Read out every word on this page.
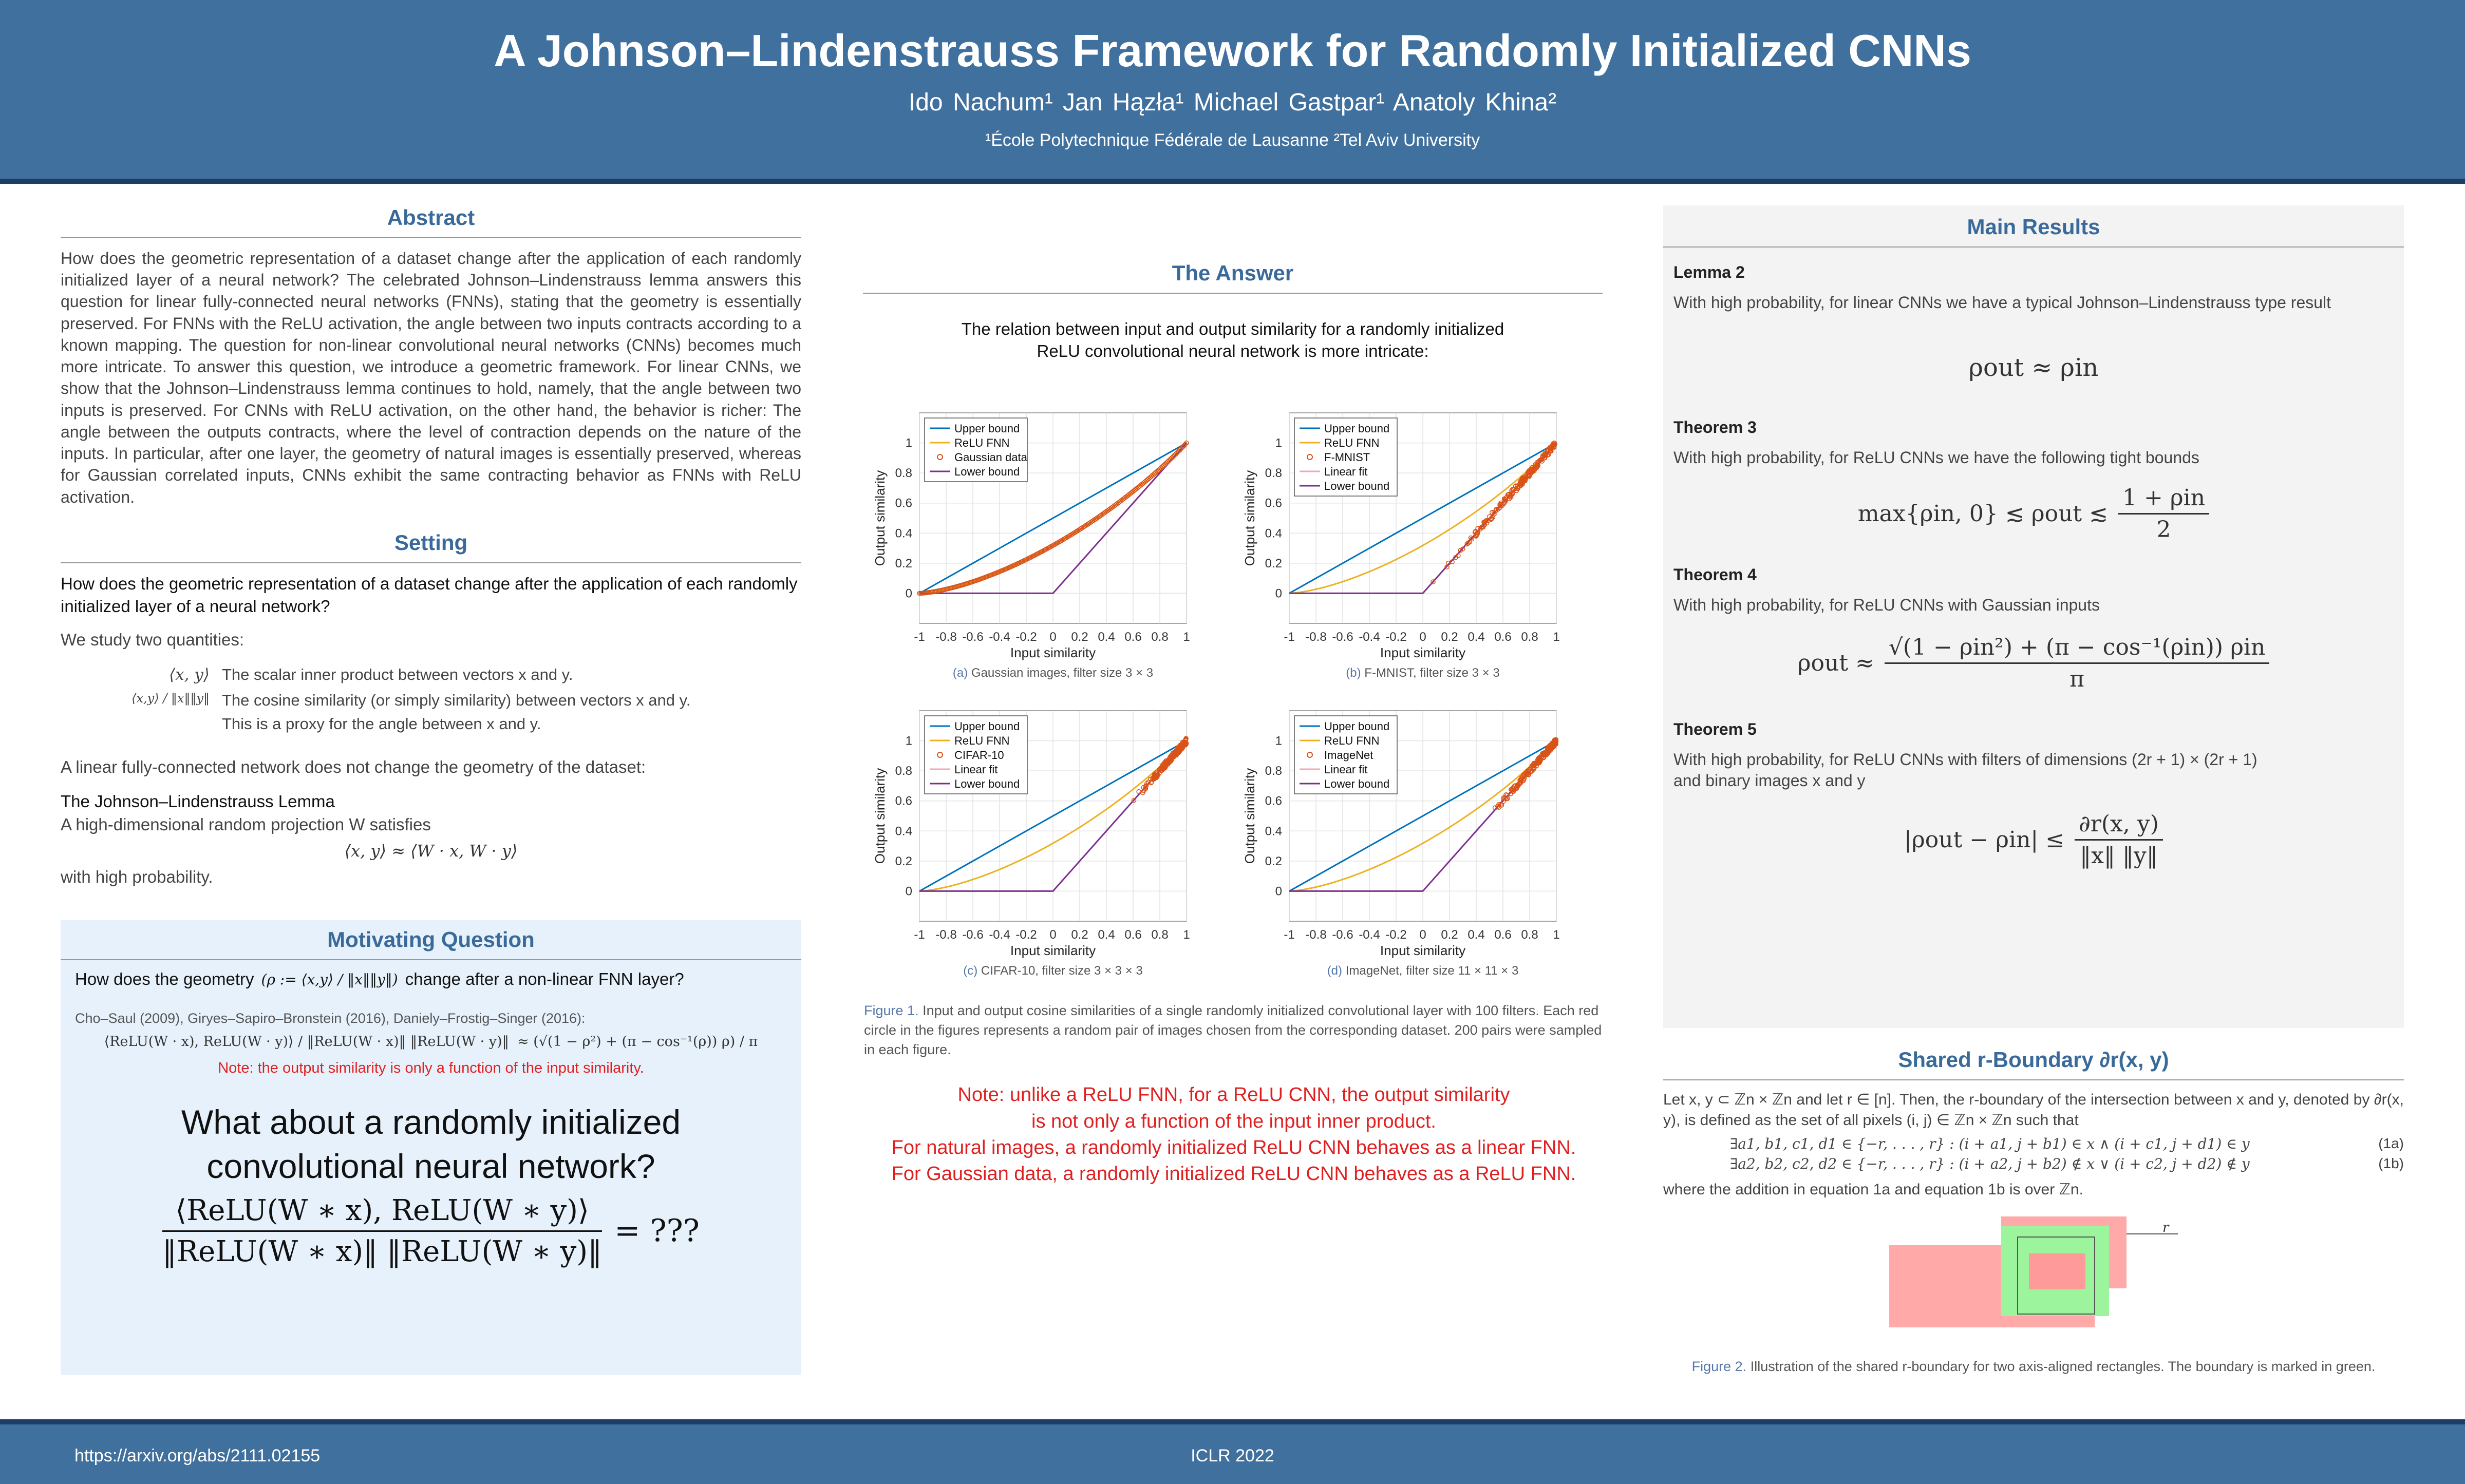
A Johnson–Lindenstrauss Framework for Randomly Initialized CNNs
Ido Nachum¹ Jan Hązła¹ Michael Gastpar¹ Anatoly Khina²
¹École Polytechnique Fédérale de Lausanne ²Tel Aviv University
Abstract
How does the geometric representation of a dataset change after the application of each randomly initialized layer of a neural network? The celebrated Johnson–Lindenstrauss lemma answers this question for linear fully-connected neural networks (FNNs), stating that the geometry is essentially preserved. For FNNs with the ReLU activation, the angle between two inputs contracts according to a known mapping. The question for non-linear convolutional neural networks (CNNs) becomes much more intricate. To answer this question, we introduce a geometric framework. For linear CNNs, we show that the Johnson–Lindenstrauss lemma continues to hold, namely, that the angle between two inputs is preserved. For CNNs with ReLU activation, on the other hand, the behavior is richer: The angle between the outputs contracts, where the level of contraction depends on the nature of the inputs. In particular, after one layer, the geometry of natural images is essentially preserved, whereas for Gaussian correlated inputs, CNNs exhibit the same contracting behavior as FNNs with ReLU activation.
Setting
How does the geometric representation of a dataset change after the application of each randomly initialized layer of a neural network?
We study two quantities:
⟨x, y⟩ The scalar inner product between vectors x and y.
⟨x,y⟩ / ‖x‖‖y‖ The cosine similarity (or simply similarity) between vectors x and y.
This is a proxy for the angle between x and y.
A linear fully-connected network does not change the geometry of the dataset:
The Johnson–Lindenstrauss Lemma
A high-dimensional random projection W satisfies
⟨x, y⟩ ≈ ⟨W · x, W · y⟩
with high probability.
Motivating Question
How does the geometry (ρ := ⟨x,y⟩ / ‖x‖‖y‖) change after a non-linear FNN layer?
Cho–Saul (2009), Giryes–Sapiro–Bronstein (2016), Daniely–Frostig–Singer (2016):
⟨ReLU(W · x), ReLU(W · y)⟩ / ‖ReLU(W · x)‖ ‖ReLU(W · y)‖ ≈ (√(1 − ρ²) + (π − cos⁻¹(ρ)) ρ) / π
Note: the output similarity is only a function of the input similarity.
What about a randomly initialized convolutional neural network?
⟨ReLU(W ∗ x), ReLU(W ∗ y)⟩
‖ReLU(W ∗ x)‖ ‖ReLU(W ∗ y)‖
= ???
The Answer
The relation between input and output similarity for a randomly initialized ReLU convolutional neural network is more intricate:
-1 -0.8 -0.6 -0.4 -0.2 0 0.2 0.4 0.6 0.8 1
0
0.2
0.4
0.6
0.8
1
Input similarity
Output similarity
(a) Gaussian images, filter size 3 × 3
Upper bound
ReLU FNN
Gaussian data
Lower bound
-1 -0.8 -0.6 -0.4 -0.2 0 0.2 0.4 0.6 0.8 1
0
0.2
0.4
0.6
0.8
1
Input similarity
Output similarity
(b) F-MNIST, filter size 3 × 3
Upper bound
ReLU FNN
F-MNIST
Linear fit
Lower bound
-1 -0.8 -0.6 -0.4 -0.2 0 0.2 0.4 0.6 0.8 1
0
0.2
0.4
0.6
0.8
1
Input similarity
Output similarity
(c) CIFAR-10, filter size 3 × 3 × 3
Upper bound
ReLU FNN
CIFAR-10
Linear fit
Lower bound
-1 -0.8 -0.6 -0.4 -0.2 0 0.2 0.4 0.6 0.8 1
0
0.2
0.4
0.6
0.8
1
Input similarity
Output similarity
(d) ImageNet, filter size 11 × 11 × 3
Upper bound
ReLU FNN
ImageNet
Linear fit
Lower bound
Figure 1. Input and output cosine similarities of a single randomly initialized convolutional layer with 100 filters. Each red circle in the figures represents a random pair of images chosen from the corresponding dataset. 200 pairs were sampled in each figure.
Note: unlike a ReLU FNN, for a ReLU CNN, the output similarity
is not only a function of the input inner product.
For natural images, a randomly initialized ReLU CNN behaves as a linear FNN.
For Gaussian data, a randomly initialized ReLU CNN behaves as a ReLU FNN.
Main Results
Lemma 2
With high probability, for linear CNNs we have a typical Johnson–Lindenstrauss type result
ρout ≈ ρin
Theorem 3
With high probability, for ReLU CNNs we have the following tight bounds
max{ρin, 0} ≲ ρout ≲
1 + ρin
2
Theorem 4
With high probability, for ReLU CNNs with Gaussian inputs
ρout ≈
√(1 − ρin²) + (π − cos⁻¹(ρin)) ρin
π
Theorem 5
With high probability, for ReLU CNNs with filters of dimensions (2r + 1) × (2r + 1)
and binary images x and y
$|\rho out - \rho in| \le \frac{\partial r(x, y)}{‖x‖ ‖y‖}$
Shared r-Boundary ∂r(x, y)
Let x, y ⊂ ℤn × ℤn and let r ∈ [n]. Then, the r-boundary of the intersection between x and y, denoted by ∂r(x, y), is defined as the set of all pixels (i, j) ∈ ℤn × ℤn such that
∃a1, b1, c1, d1 ∈ {−r, . . . , r} : (i + a1, j + b1) ∈ x ∧ (i + c1, j + d1) ∈ y	(1a)
∃a2, b2, c2, d2 ∈ {−r, . . . , r} : (i + a2, j + b2) ∉ x ∨ (i + c2, j + d2) ∉ y	(1b)
where the addition in equation 1a and equation 1b is over ℤn.
r
Figure 2. Illustration of the shared r-boundary for two axis-aligned rectangles. The boundary is marked in green.
https://arxiv.org/abs/2111.02155	ICLR 2022
